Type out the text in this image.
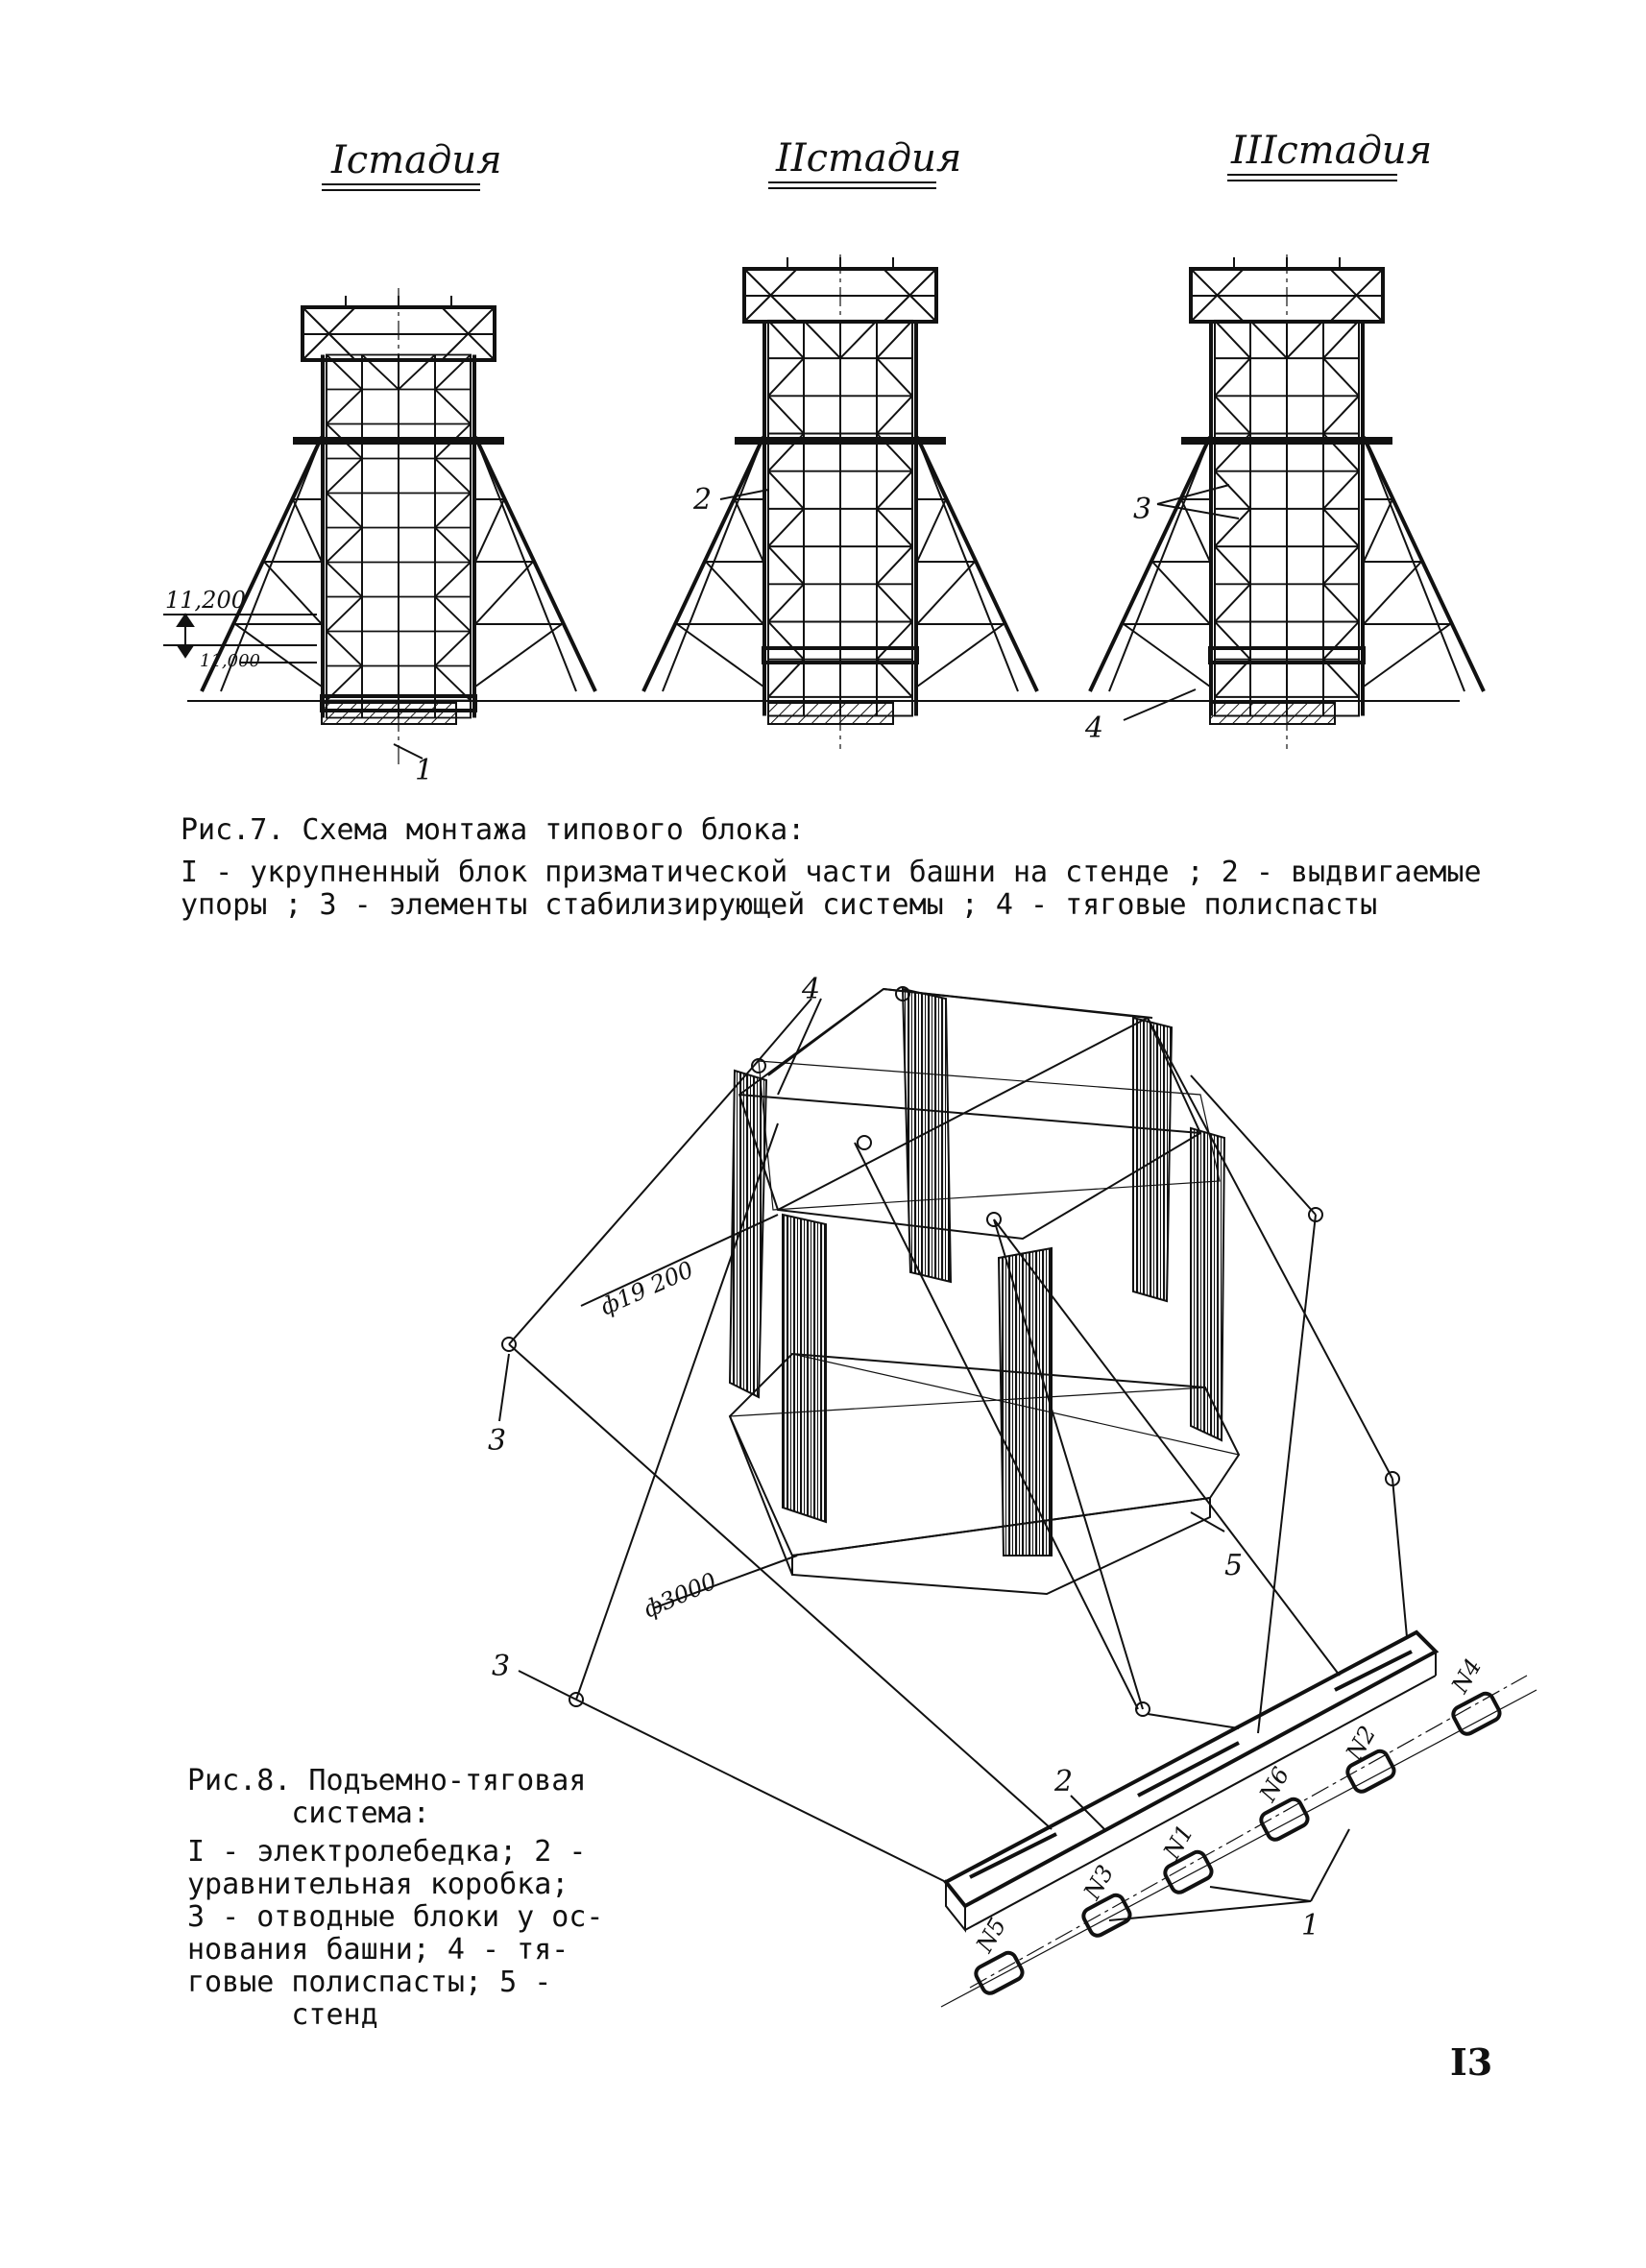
11,200
11,000
1
2	3
4
Iстадия	IIстадия	IIIстадия
ф19 200
ф3000
4
3
3
5
N1
N2
N3
N4
N5
N6
2
1
Рис.7. Схема монтажа типового блока:
I - укрупненный блок призматической части башни на стенде ; 2 - выдвигаемые
упоры ; 3 - элементы стабилизирующей системы ; 4 - тяговые полиспасты
Рис.8. Подъемно-тяговая
система:
I - электролебедка; 2 -
уравнительная коробка;
3 - отводные блоки у ос-
нования башни; 4 - тя-
говые полиспасты; 5 -
стенд
I3
